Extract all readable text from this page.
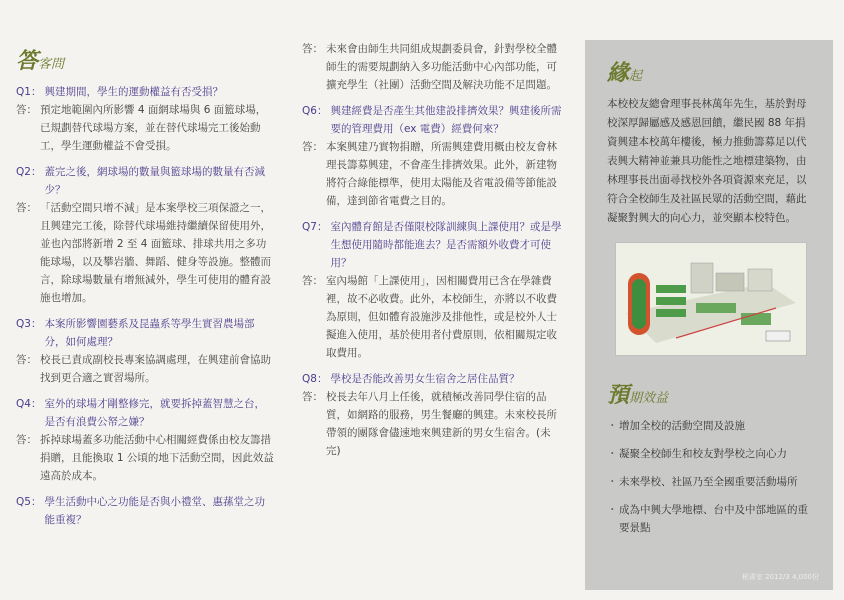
答客問
Q1： 興建期間，學生的運動權益有否受損？
答： 預定地範圍內所影響 4 面網球場與 6 面籃球場，已規劃替代球場方案，並在替代球場完工後始動工，學生運動權益不會受損。
Q2： 蓋完之後，網球場的數量與籃球場的數量有否減少？
答： 「活動空間只增不減」是本案學校三項保證之一，且興建完工後，除替代球場維持繼續保留使用外，並也內部將新增 2 至 4 面籃球、排球共用之多功能球場，以及攀岩牆、舞蹈、健身等設施。整體而言，除球場數量有增無減外，學生可使用的體育設施也增加。
Q3： 本案所影響園藝系及昆蟲系等學生實習農場部分，如何處理？
答： 校長已責成副校長專案協調處理，在興建前會協助找到更合適之實習場所。
Q4： 室外的球場才剛整修完，就要拆掉蓋智慧之台， 是否有浪費公帑之嫌？
答： 拆掉球場蓋多功能活動中心相關經費係由校友籌措捐贈，且能換取 1 公頃的地下活動空間，因此效益遠高於成本。
Q5： 學生活動中心之功能是否與小禮堂、惠蓀堂之功能重複？
答： 未來會由師生共同組成規劃委員會，針對學校全體師生的需要規劃納入多功能活動中心內部功能，可擴充學生（社團）活動空間及解決功能不足問題。
Q6： 興建經費是否產生其他建設排擠效果？興建後所需要的管理費用（ex 電費）經費何來？
答： 本案興建乃實物捐贈，所需興建費用概由校友會林理長籌募興建，不會產生排擠效果。此外，新建物將符合綠能標準，使用太陽能及省電設備等節能設備，達到節省電費之目的。
Q7： 室內體育館是否僅限校隊訓練與上課使用？或是學生想使用隨時都能進去？是否需額外收費才可使用？
答： 室內場館「上課使用」，因相關費用已含在學雜費裡，故不必收費。此外，本校師生，亦將以不收費為原則，但如體育設施涉及排他性，或是校外人士擬進入使用，基於使用者付費原則，依相關規定收取費用。
Q8： 學校是否能改善男女生宿舍之居住品質？
答： 校長去年八月上任後，就積極改善同學住宿的品質，如網路的服務，男生餐廳的興建。未來校長所帶領的團隊會儘速地來興建新的男女生宿舍。(未完)
緣起

本校校友總會理事長林萬年先生，基於對母校深厚歸屬感及感恩回饋，繼民國 88 年捐資興建本校萬年樓後，極力推動籌募足以代表興大精神並兼具功能性之地標建築物，由林理事長出面尋找校外各項資源來充足，以符合全校師生及社區民眾的活動空間，藉此凝聚對興大的向心力，並突顯本校特色。

預期效益
・ 增加全校的活動空間及設施
・ 凝聚全校師生和校友對學校之向心力
・ 未來學校、社區乃至全國重要活動場所
・ 成為中興大學地標、台中及中部地區的重要景點
秘書室 2012/3 4,000份
